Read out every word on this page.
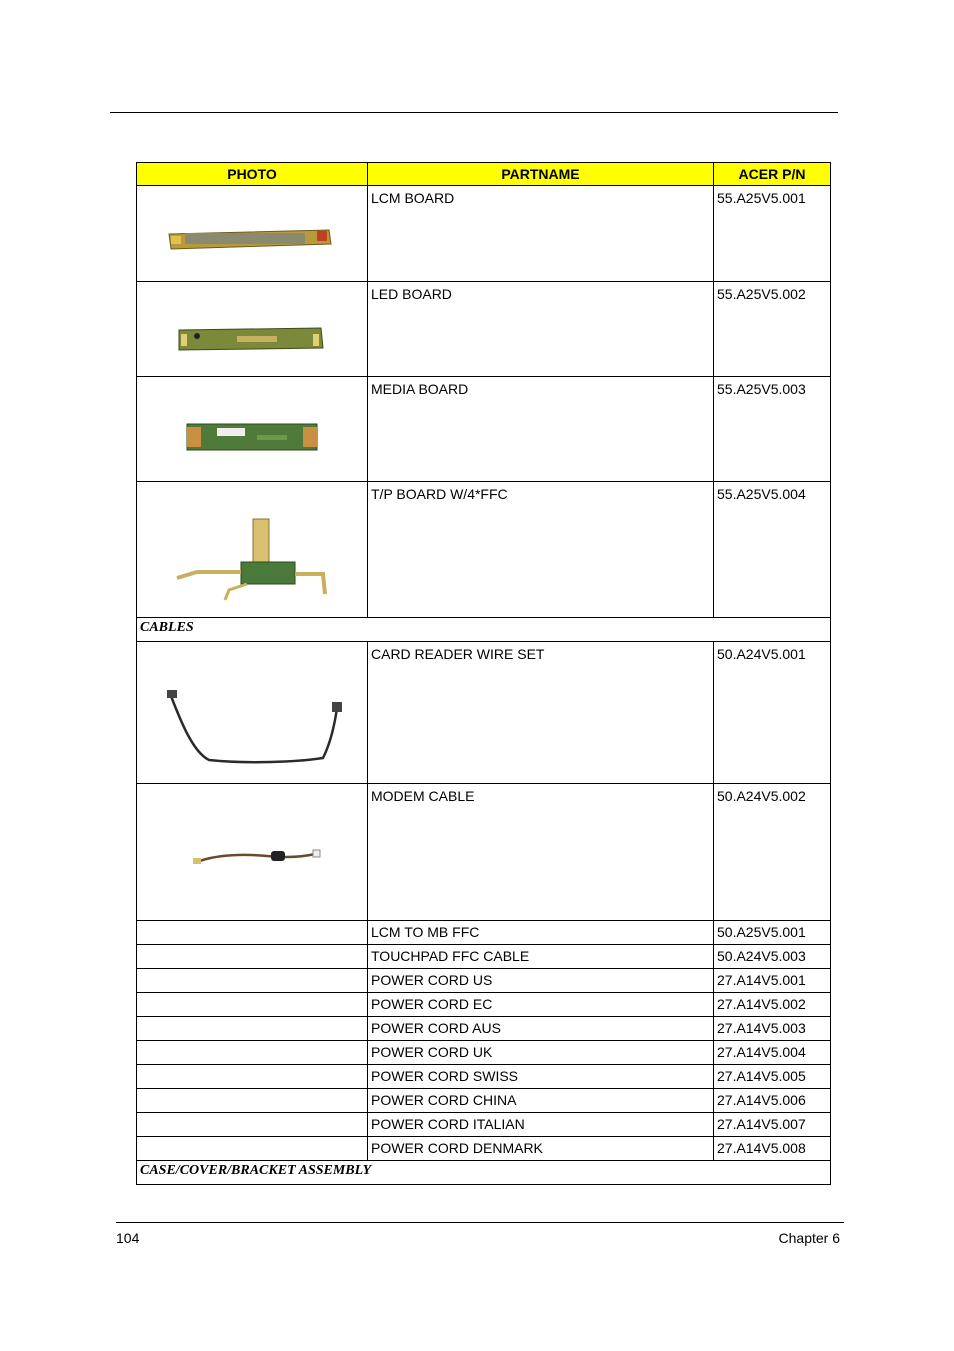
PHOTO	PARTNAME	ACER P/N

LCM BOARD	55.A25V5.001

LED BOARD	55.A25V5.002

MEDIA BOARD	55.A25V5.003

T/P BOARD W/4*FFC	55.A25V5.004

CABLES		

CARD READER WIRE SET	50.A24V5.001

MODEM CABLE	50.A24V5.002

	LCM TO MB FFC	50.A25V5.001

	TOUCHPAD FFC CABLE	50.A24V5.003

	POWER CORD US	27.A14V5.001

	POWER CORD EC	27.A14V5.002

	POWER CORD AUS	27.A14V5.003

	POWER CORD UK	27.A14V5.004

	POWER CORD SWISS	27.A14V5.005

	POWER CORD CHINA	27.A14V5.006

	POWER CORD ITALIAN	27.A14V5.007

	POWER CORD DENMARK	27.A14V5.008

CASE/COVER/BRACKET ASSEMBLY		
104	Chapter 6
